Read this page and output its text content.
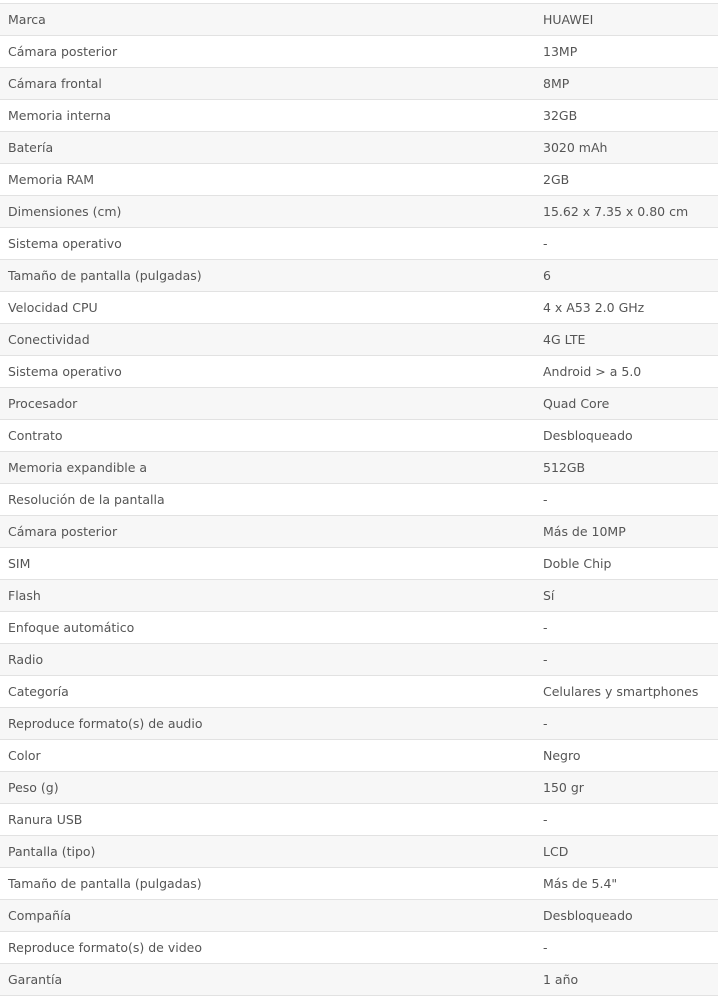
Marca	HUAWEI
Cámara posterior	13MP
Cámara frontal	8MP
Memoria interna	32GB
Batería	3020 mAh
Memoria RAM	2GB
Dimensiones (cm)	15.62 x 7.35 x 0.80 cm
Sistema operativo	-
Tamaño de pantalla (pulgadas)	6
Velocidad CPU	4 x A53 2.0 GHz
Conectividad	4G LTE
Sistema operativo	Android > a 5.0
Procesador	Quad Core
Contrato	Desbloqueado
Memoria expandible a	512GB
Resolución de la pantalla	-
Cámara posterior	Más de 10MP
SIM	Doble Chip
Flash	Sí
Enfoque automático	-
Radio	-
Categoría	Celulares y smartphones
Reproduce formato(s) de audio	-
Color	Negro
Peso (g)	150 gr
Ranura USB	-
Pantalla (tipo)	LCD
Tamaño de pantalla (pulgadas)	Más de 5.4"
Compañía	Desbloqueado
Reproduce formato(s) de video	-
Garantía	1 año
